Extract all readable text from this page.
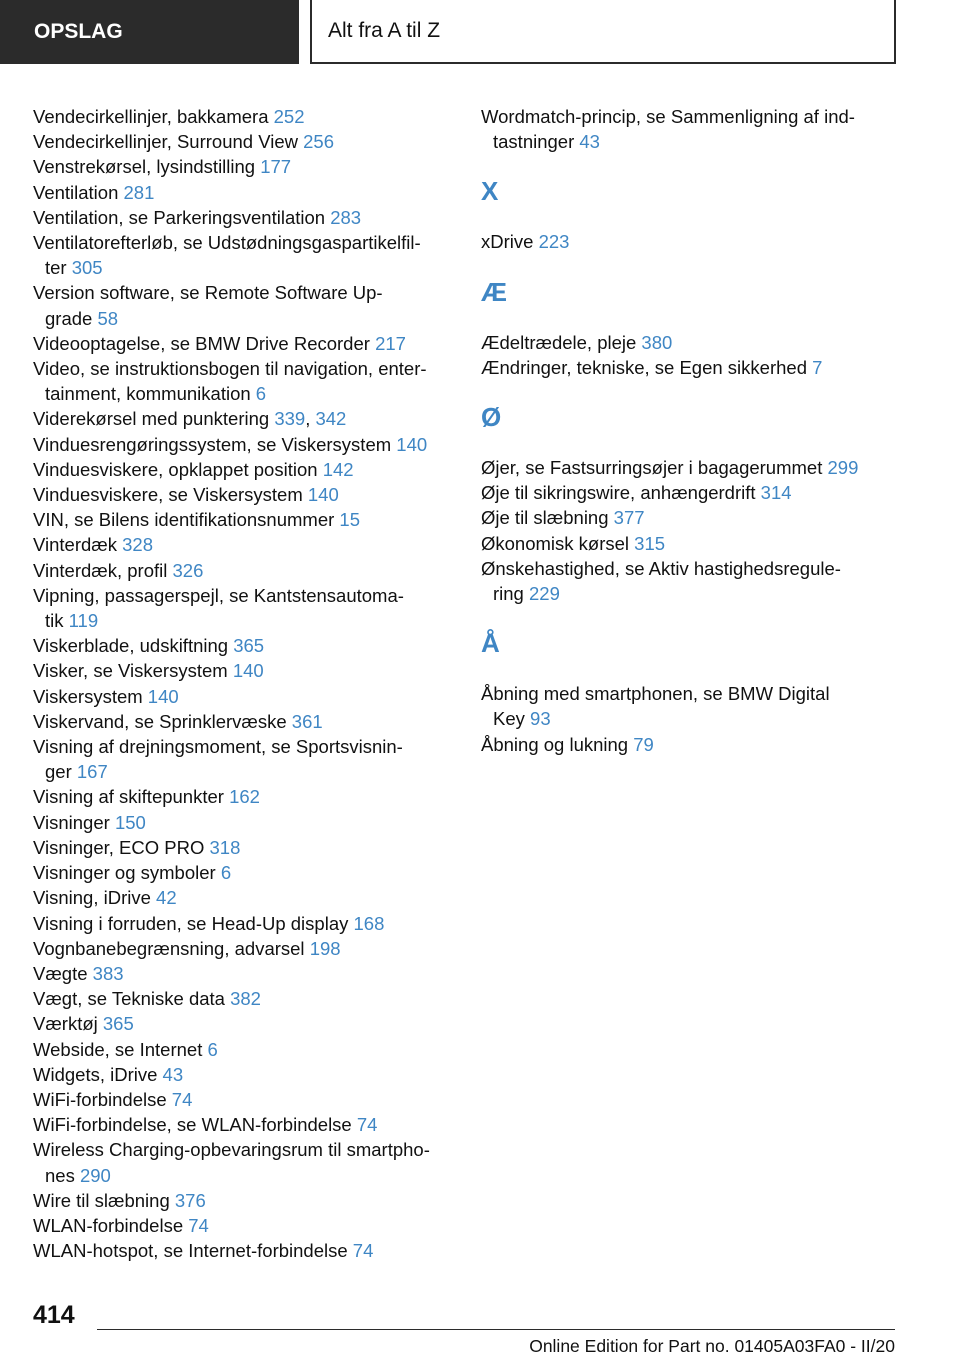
OPSLAG	Alt fra A til Z
Vendecirkellinjer, bakkamera 252
Vendecirkellinjer, Surround View 256
Venstrekørsel, lysindstilling 177
Ventilation 281
Ventilation, se Parkeringsventilation 283
Ventilatorefterløb, se Udstødningsgaspartikelfil-
ter 305
Version software, se Remote Software Up-
grade 58
Videooptagelse, se BMW Drive Recorder 217
Video, se instruktionsbogen til navigation, enter-
tainment, kommunikation 6
Viderekørsel med punktering 339, 342
Vinduesrengøringssystem, se Viskersystem 140
Vinduesviskere, opklappet position 142
Vinduesviskere, se Viskersystem 140
VIN, se Bilens identifikationsnummer 15
Vinterdæk 328
Vinterdæk, profil 326
Vipning, passagerspejl, se Kantstensautoma-
tik 119
Viskerblade, udskiftning 365
Visker, se Viskersystem 140
Viskersystem 140
Viskervand, se Sprinklervæske 361
Visning af drejningsmoment, se Sportsvisnin-
ger 167
Visning af skiftepunkter 162
Visninger 150
Visninger, ECO PRO 318
Visninger og symboler 6
Visning, iDrive 42
Visning i forruden, se Head-Up display 168
Vognbanebegrænsning, advarsel 198
Vægte 383
Vægt, se Tekniske data 382
Værktøj 365
Webside, se Internet 6
Widgets, iDrive 43
WiFi-forbindelse 74
WiFi-forbindelse, se WLAN-forbindelse 74
Wireless Charging-opbevaringsrum til smartpho-
nes 290
Wire til slæbning 376
WLAN-forbindelse 74
WLAN-hotspot, se Internet-forbindelse 74
Wordmatch-princip, se Sammenligning af ind-
tastninger 43
X
xDrive 223
Æ
Ædeltrædele, pleje 380
Ændringer, tekniske, se Egen sikkerhed 7
Ø
Øjer, se Fastsurringsøjer i bagagerummet 299
Øje til sikringswire, anhængerdrift 314
Øje til slæbning 377
Økonomisk kørsel 315
Ønskehastighed, se Aktiv hastighedsregule-
ring 229
Å
Åbning med smartphonen, se BMW Digital
Key 93
Åbning og lukning 79
414
Online Edition for Part no. 01405A03FA0 - II/20
